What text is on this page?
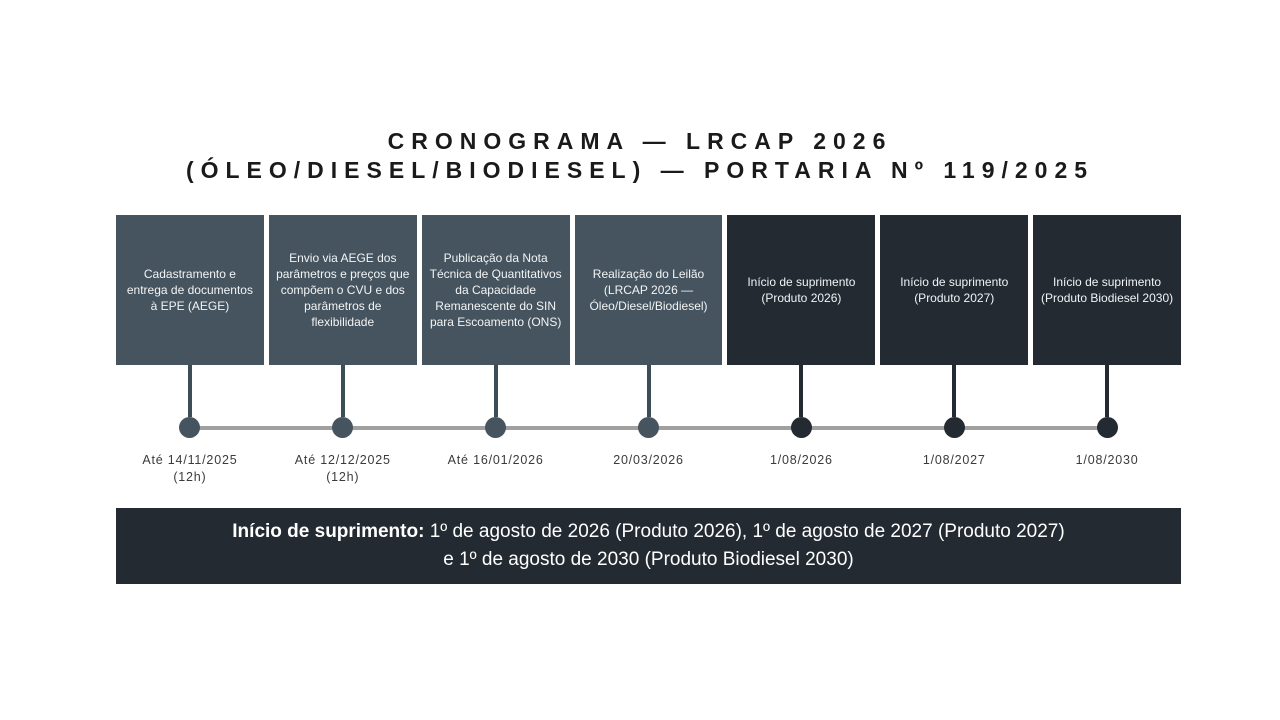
CRONOGRAMA — LRCAP 2026
(ÓLEO/DIESEL/BIODIESEL) — PORTARIA Nº 119/2025
Cadastramento e entrega de documentos à EPE (AEGE)
Até 14/11/2025 (12h)
Envio via AEGE dos parâmetros e preços que compõem o CVU e dos parâmetros de flexibilidade
Até 12/12/2025 (12h)
Publicação da Nota Técnica de Quantitativos da Capacidade Remanescente do SIN para Escoamento (ONS)
Até 16/01/2026
Realização do Leilão (LRCAP 2026 — Óleo/Diesel/Biodiesel)
20/03/2026
Início de suprimento (Produto 2026)
1/08/2026
Início de suprimento (Produto 2027)
1/08/2027
Início de suprimento (Produto Biodiesel 2030)
1/08/2030
Início de suprimento: 1º de agosto de 2026 (Produto 2026), 1º de agosto de 2027 (Produto 2027)
e 1º de agosto de 2030 (Produto Biodiesel 2030)
